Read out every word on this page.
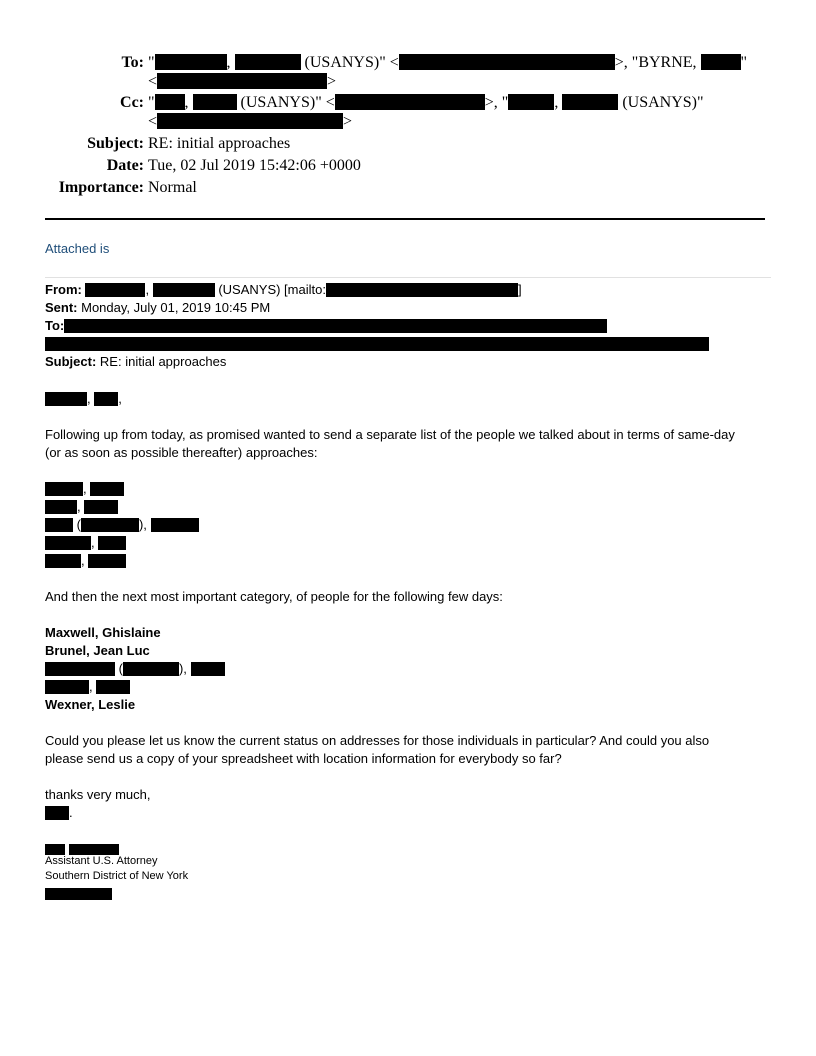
To: "	,	(USANYS)" <	>, "BYRNE,	"
<	>
Cc: " ,	(USANYS)" <	>, "	,	(USANYS)"
<	>
Subject: RE: initial approaches
Date: Tue, 02 Jul 2019 15:42:06 +0000
Importance: Normal
Attached is
From:	,	(USANYS) [mailto:	]
Sent: Monday, July 01, 2019 10:45 PM
To:
Subject: RE: initial approaches
, ,
Following up from today, as promised wanted to send a separate list of the people we talked about in terms of same-day
(or as soon as possible thereafter) approaches:
,
,
(	),
,
,
And then the next most important category, of people for the following few days:
Maxwell, Ghislaine
Brunel, Jean Luc
(	),
,
Wexner, Leslie
Could you please let us know the current status on addresses for those individuals in particular? And could you also
please send us a copy of your spreadsheet with location information for everybody so far?
thanks very much,
.

Assistant U.S. Attorney
Southern District of New York
